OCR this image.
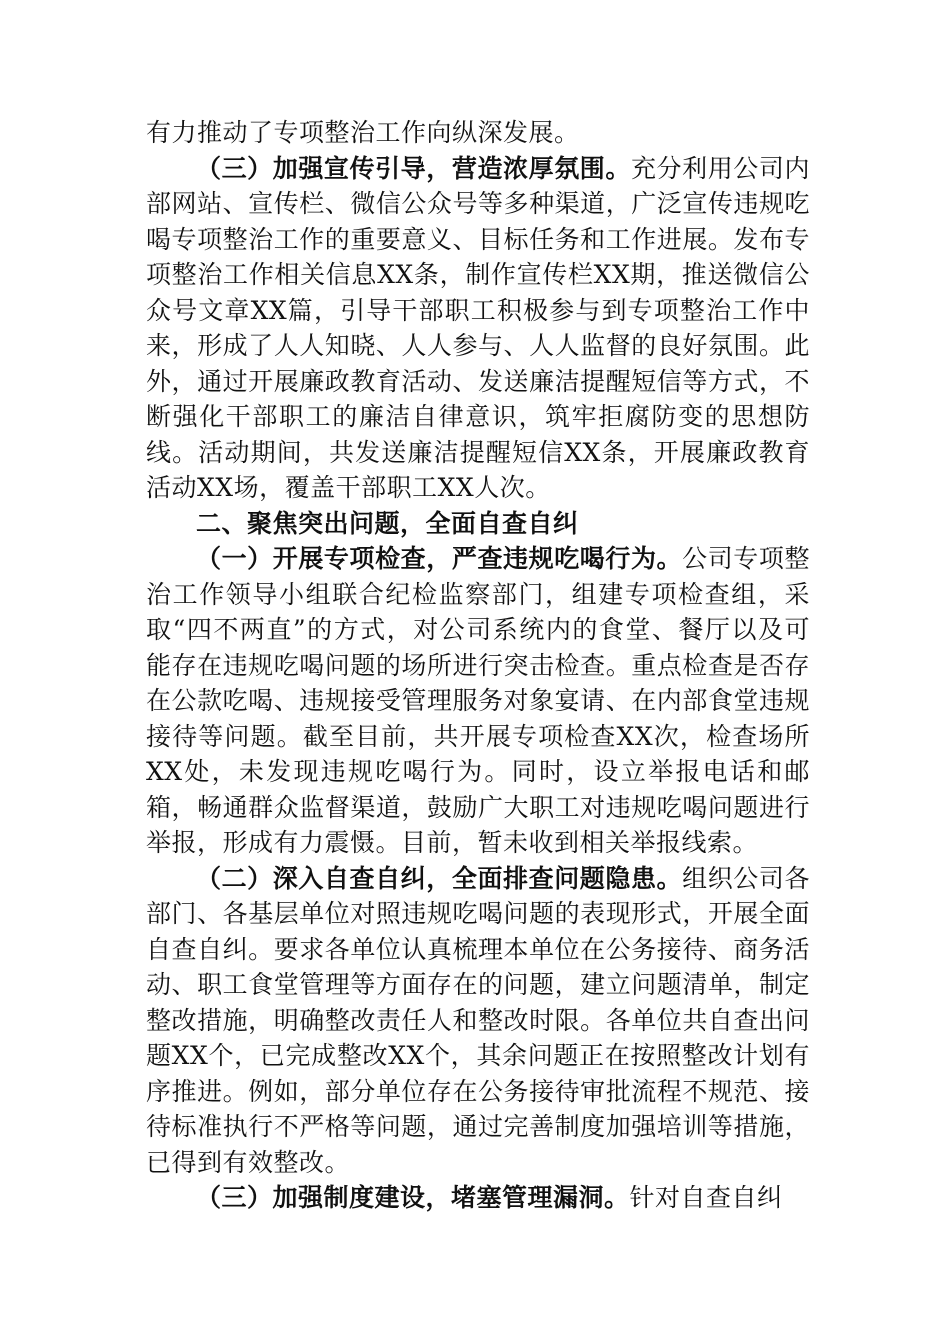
有力推动了专项整治工作向纵深发展。

（三）加强宣传引导，营造浓厚氛围。充分利用公司内部网站、宣传栏、微信公众号等多种渠道，广泛宣传违规吃喝专项整治工作的重要意义、目标任务和工作进展。发布专项整治工作相关信息XX条，制作宣传栏XX期，推送微信公众号文章XX篇，引导干部职工积极参与到专项整治工作中来，形成了人人知晓、人人参与、人人监督的良好氛围。此外，通过开展廉政教育活动、发送廉洁提醒短信等方式，不断强化干部职工的廉洁自律意识，筑牢拒腐防变的思想防线。活动期间，共发送廉洁提醒短信XX条，开展廉政教育活动XX场，覆盖干部职工XX人次。

二、聚焦突出问题，全面自查自纠

（一）开展专项检查，严查违规吃喝行为。公司专项整治工作领导小组联合纪检监察部门，组建专项检查组，采取“四不两直”的方式，对公司系统内的食堂、餐厅以及可能存在违规吃喝问题的场所进行突击检查。重点检查是否存在公款吃喝、违规接受管理服务对象宴请、在内部食堂违规接待等问题。截至目前，共开展专项检查XX次，检查场所XX处，未发现违规吃喝行为。同时，设立举报电话和邮箱，畅通群众监督渠道，鼓励广大职工对违规吃喝问题进行举报，形成有力震慑。目前，暂未收到相关举报线索。

（二）深入自查自纠，全面排查问题隐患。组织公司各部门、各基层单位对照违规吃喝问题的表现形式，开展全面自查自纠。要求各单位认真梳理本单位在公务接待、商务活动、职工食堂管理等方面存在的问题，建立问题清单，制定整改措施，明确整改责任人和整改时限。各单位共自查出问题XX个，已完成整改XX个，其余问题正在按照整改计划有序推进。例如，部分单位存在公务接待审批流程不规范、接待标准执行不严格等问题，通过完善制度加强培训等措施，已得到有效整改。

（三）加强制度建设，堵塞管理漏洞。针对自查自纠
